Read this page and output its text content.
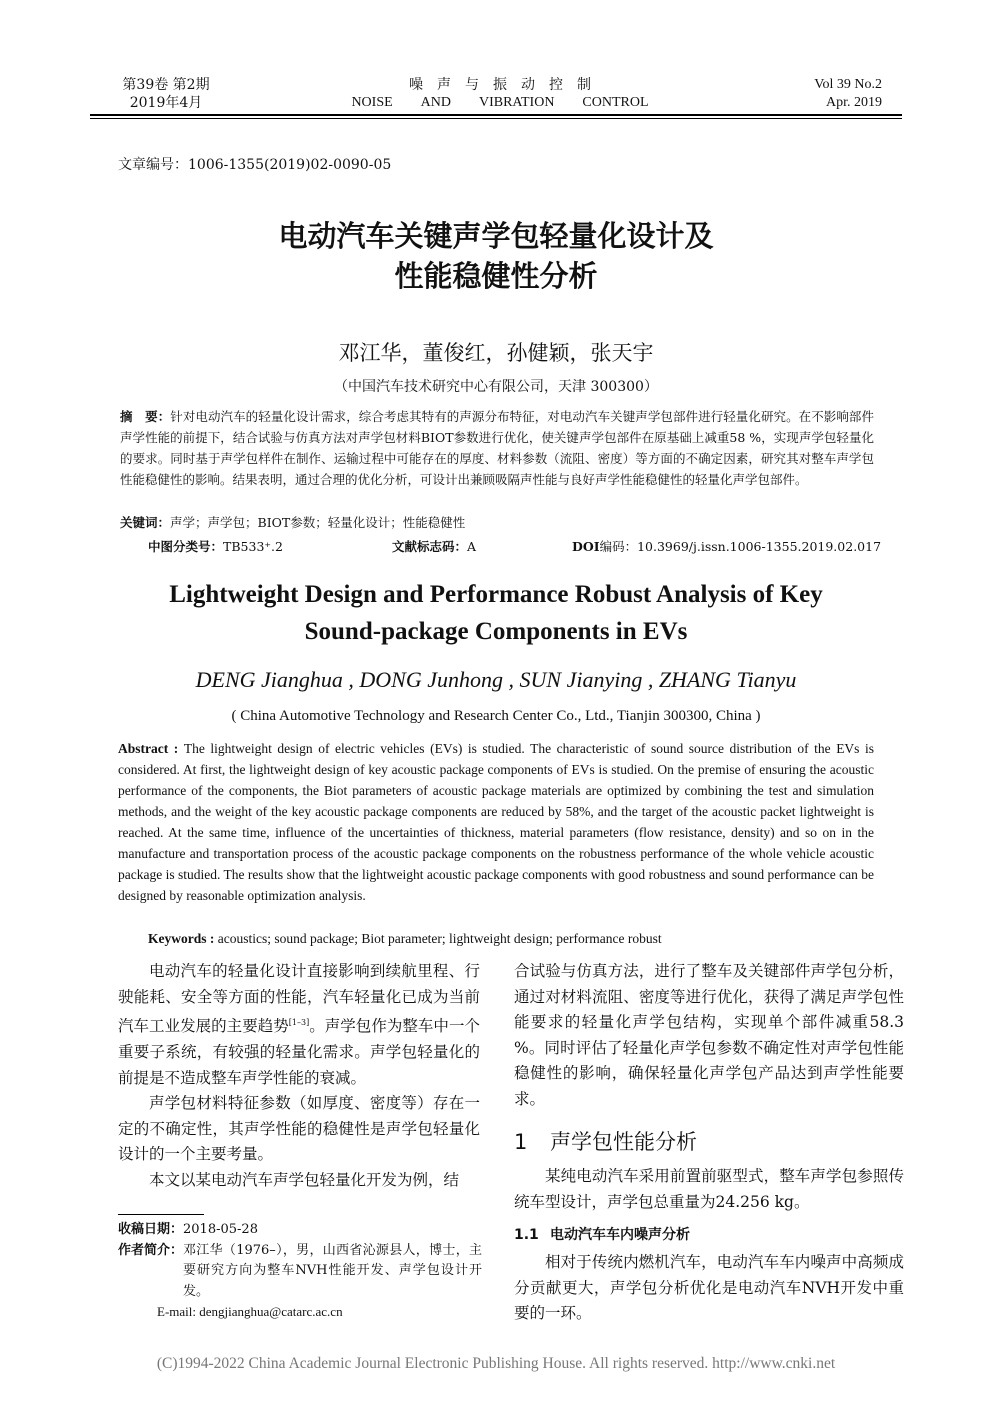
第39卷 第2期
2019年4月
噪　声　与　振　动　控　制
NOISE　　AND　　VIBRATION　　CONTROL
Vol 39 No.2
Apr. 2019
文章编号：1006-1355(2019)02-0090-05
电动汽车关键声学包轻量化设计及
性能稳健性分析
邓江华，董俊红，孙健颖，张天宇
（中国汽车技术研究中心有限公司，天津 300300）
摘　要：针对电动汽车的轻量化设计需求，综合考虑其特有的声源分布特征，对电动汽车关键声学包部件进行轻量化研究。在不影响部件声学性能的前提下，结合试验与仿真方法对声学包材料BIOT参数进行优化，使关键声学包部件在原基础上减重58 %，实现声学包轻量化的要求。同时基于声学包样件在制作、运输过程中可能存在的厚度、材料参数（流阻、密度）等方面的不确定因素，研究其对整车声学包性能稳健性的影响。结果表明，通过合理的优化分析，可设计出兼顾吸隔声性能与良好声学性能稳健性的轻量化声学包部件。
关键词：声学；声学包；BIOT参数；轻量化设计；性能稳健性
中图分类号：TB533⁺.2	文献标志码：A	DOI编码：10.3969/j.issn.1006-1355.2019.02.017
Lightweight Design and Performance Robust Analysis of Key
Sound-package Components in EVs
DENG Jianghua , DONG Junhong , SUN Jianying , ZHANG Tianyu
( China Automotive Technology and Research Center Co., Ltd., Tianjin 300300, China )
Abstract : The lightweight design of electric vehicles (EVs) is studied. The characteristic of sound source distribution of the EVs is considered. At first, the lightweight design of key acoustic package components of EVs is studied. On the premise of ensuring the acoustic performance of the components, the Biot parameters of acoustic package materials are optimized by combining the test and simulation methods, and the weight of the key acoustic package components are reduced by 58%, and the target of the acoustic packet lightweight is reached. At the same time, influence of the uncertainties of thickness, material parameters (flow resistance, density) and so on in the manufacture and transportation process of the acoustic package components on the robustness performance of the whole vehicle acoustic package is studied. The results show that the lightweight acoustic package components with good robustness and sound performance can be designed by reasonable optimization analysis.
Keywords : acoustics; sound package; Biot parameter; lightweight design; performance robust

电动汽车的轻量化设计直接影响到续航里程、行驶能耗、安全等方面的性能，汽车轻量化已成为当前汽车工业发展的主要趋势[1–3]。声学包作为整车中一个重要子系统，有较强的轻量化需求。声学包轻量化的前提是不造成整车声学性能的衰减。

声学包材料特征参数（如厚度、密度等）存在一定的不确定性，其声学性能的稳健性是声学包轻量化设计的一个主要考量。

本文以某电动汽车声学包轻量化开发为例，结

收稿日期：2018-05-28
作者简介： 邓江华（1976–），男，山西省沁源县人，博士，主要研究方向为整车NVH性能开发、声学包设计开发。
E-mail: dengjianghua@catarc.ac.cn

合试验与仿真方法，进行了整车及关键部件声学包分析，通过对材料流阻、密度等进行优化，获得了满足声学包性能要求的轻量化声学包结构，实现单个部件减重58.3 %。同时评估了轻量化声学包参数不确定性对声学包性能稳健性的影响，确保轻量化声学包产品达到声学性能要求。

1 声学包性能分析

某纯电动汽车采用前置前驱型式，整车声学包参照传统车型设计，声学包总重量为24.256 kg。

1.1 电动汽车车内噪声分析

相对于传统内燃机汽车，电动汽车车内噪声中高频成分贡献更大，声学包分析优化是电动汽车NVH开发中重要的一环。

(C)1994-2022 China Academic Journal Electronic Publishing House. All rights reserved. http://www.cnki.net
